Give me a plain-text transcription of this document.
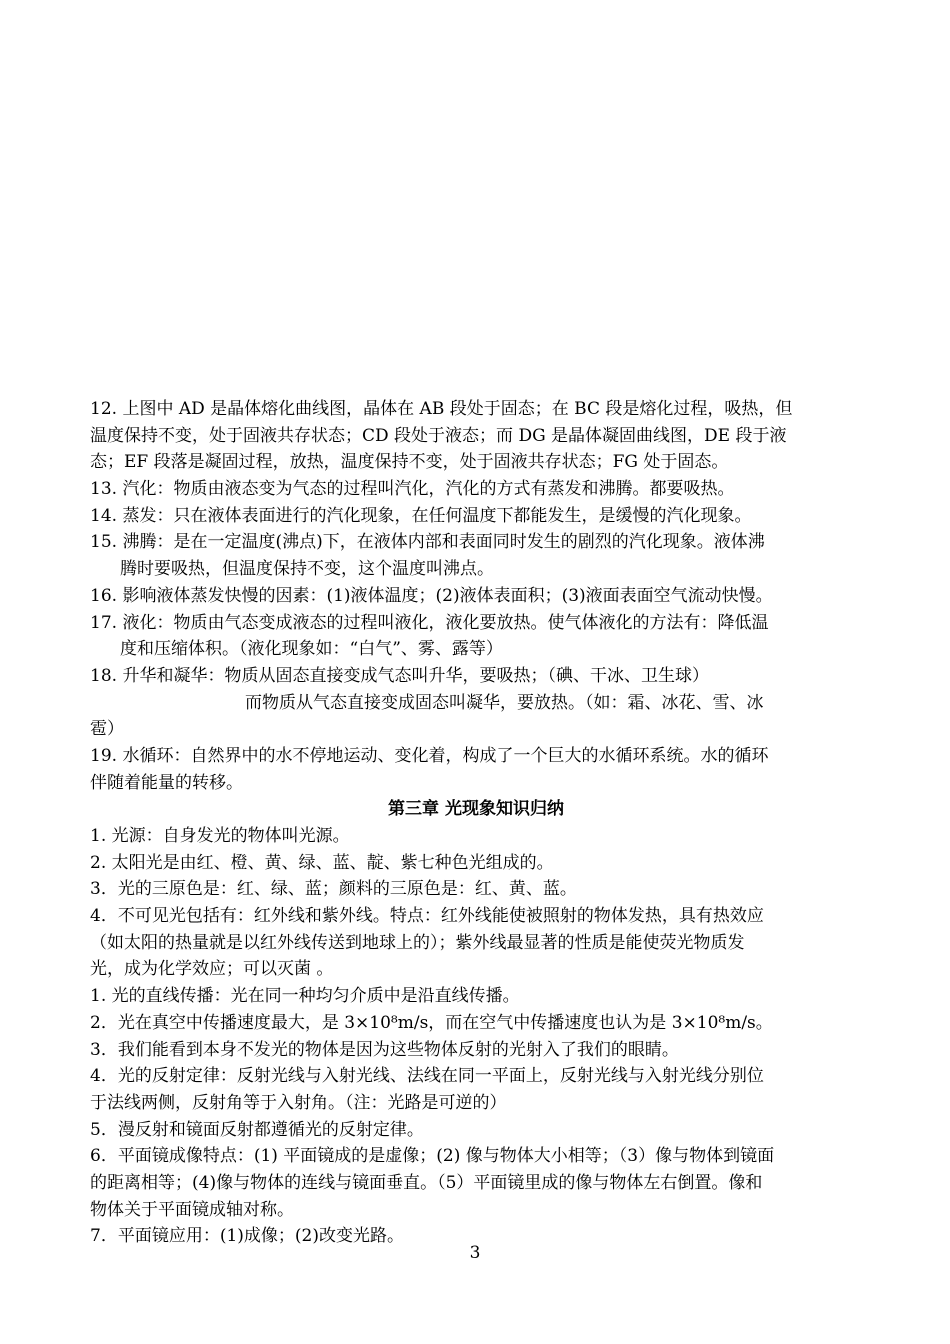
12. 上图中 AD 是晶体熔化曲线图，晶体在 AB 段处于固态；在 BC 段是熔化过程，吸热，但
温度保持不变，处于固液共存状态；CD 段处于液态；而 DG 是晶体凝固曲线图，DE 段于液
态；EF 段落是凝固过程，放热，温度保持不变，处于固液共存状态；FG 处于固态。
13. 汽化：物质由液态变为气态的过程叫汽化，汽化的方式有蒸发和沸腾。都要吸热。
14. 蒸发：只在液体表面进行的汽化现象，在任何温度下都能发生，是缓慢的汽化现象。
15. 沸腾：是在一定温度(沸点)下，在液体内部和表面同时发生的剧烈的汽化现象。液体沸
腾时要吸热，但温度保持不变，这个温度叫沸点。
16. 影响液体蒸发快慢的因素：(1)液体温度；(2)液体表面积；(3)液面表面空气流动快慢。
17. 液化：物质由气态变成液态的过程叫液化，液化要放热。使气体液化的方法有：降低温
度和压缩体积。（液化现象如：“白气”、雾、露等）
18. 升华和凝华：物质从固态直接变成气态叫升华，要吸热；（碘、干冰、卫生球）
而物质从气态直接变成固态叫凝华，要放热。（如：霜、冰花、雪、冰
雹）
19. 水循环：自然界中的水不停地运动、变化着，构成了一个巨大的水循环系统。水的循环
伴随着能量的转移。
第三章 光现象知识归纳
1. 光源：自身发光的物体叫光源。
2. 太阳光是由红、橙、黄、绿、蓝、靛、紫七种色光组成的。
3．光的三原色是：红、绿、蓝；颜料的三原色是：红、黄、蓝。
4．不可见光包括有：红外线和紫外线。特点：红外线能使被照射的物体发热，具有热效应
（如太阳的热量就是以红外线传送到地球上的）；紫外线最显著的性质是能使荧光物质发
光，成为化学效应；可以灭菌 。
1. 光的直线传播：光在同一种均匀介质中是沿直线传播。
2．光在真空中传播速度最大，是 3×10⁸m/s，而在空气中传播速度也认为是 3×10⁸m/s。
3．我们能看到本身不发光的物体是因为这些物体反射的光射入了我们的眼睛。
4．光的反射定律：反射光线与入射光线、法线在同一平面上，反射光线与入射光线分别位
于法线两侧，反射角等于入射角。（注：光路是可逆的）
5．漫反射和镜面反射都遵循光的反射定律。
6．平面镜成像特点：(1) 平面镜成的是虚像；(2) 像与物体大小相等；（3）像与物体到镜面
的距离相等；(4)像与物体的连线与镜面垂直。（5）平面镜里成的像与物体左右倒置。像和
物体关于平面镜成轴对称。
7．平面镜应用：(1)成像；(2)改变光路。
3
